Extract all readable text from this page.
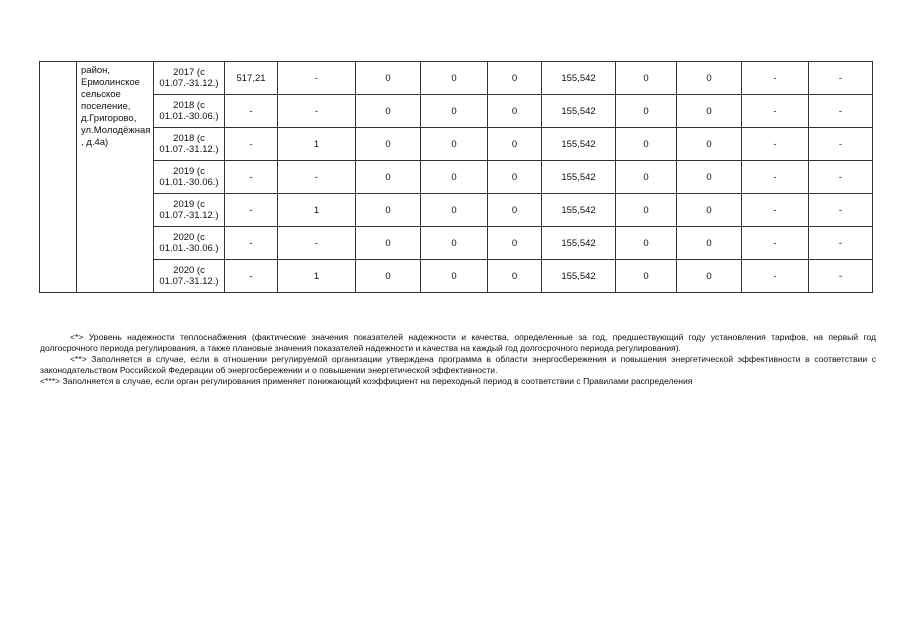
	район, Ермолинское сельское поселение, д.Григорово, ул.Молодёжная , д.4а)	2017 (с 01.07.-31.12.)	517,21	-	0	0	0	155,542	0	0	-	-
		2018 (с 01.01.-30.06.)	-	-	0	0	0	155,542	0	0	-	-
		2018 (с 01.07.-31.12.)	-	1	0	0	0	155,542	0	0	-	-
		2019 (с 01.01.-30.06.)	-	-	0	0	0	155,542	0	0	-	-
		2019 (с 01.07.-31.12.)	-	1	0	0	0	155,542	0	0	-	-
		2020 (с 01.01.-30.06.)	-	-	0	0	0	155,542	0	0	-	-
		2020 (с 01.07.-31.12.)	-	1	0	0	0	155,542	0	0	-	-

<*> Уровень надежности теплоснабжения (фактические значения показателей надежности и качества, определенные за год, предшествующий году установления тарифов, на первый год долгосрочного периода регулирования, а также плановые значения показателей надежности и качества на каждый год долгосрочного периода регулирования).

<**> Заполняется в случае, если в отношении регулируемой организации утверждена программа в области энергосбережения и повышения энергетической эффективности в соответствии с законодательством Российской Федерации об энергосбережении и о повышении энергетической эффективности.

<***> Заполняется в случае, если орган регулирования применяет понижающий коэффициент на переходный период в соответствии с Правилами распределения
